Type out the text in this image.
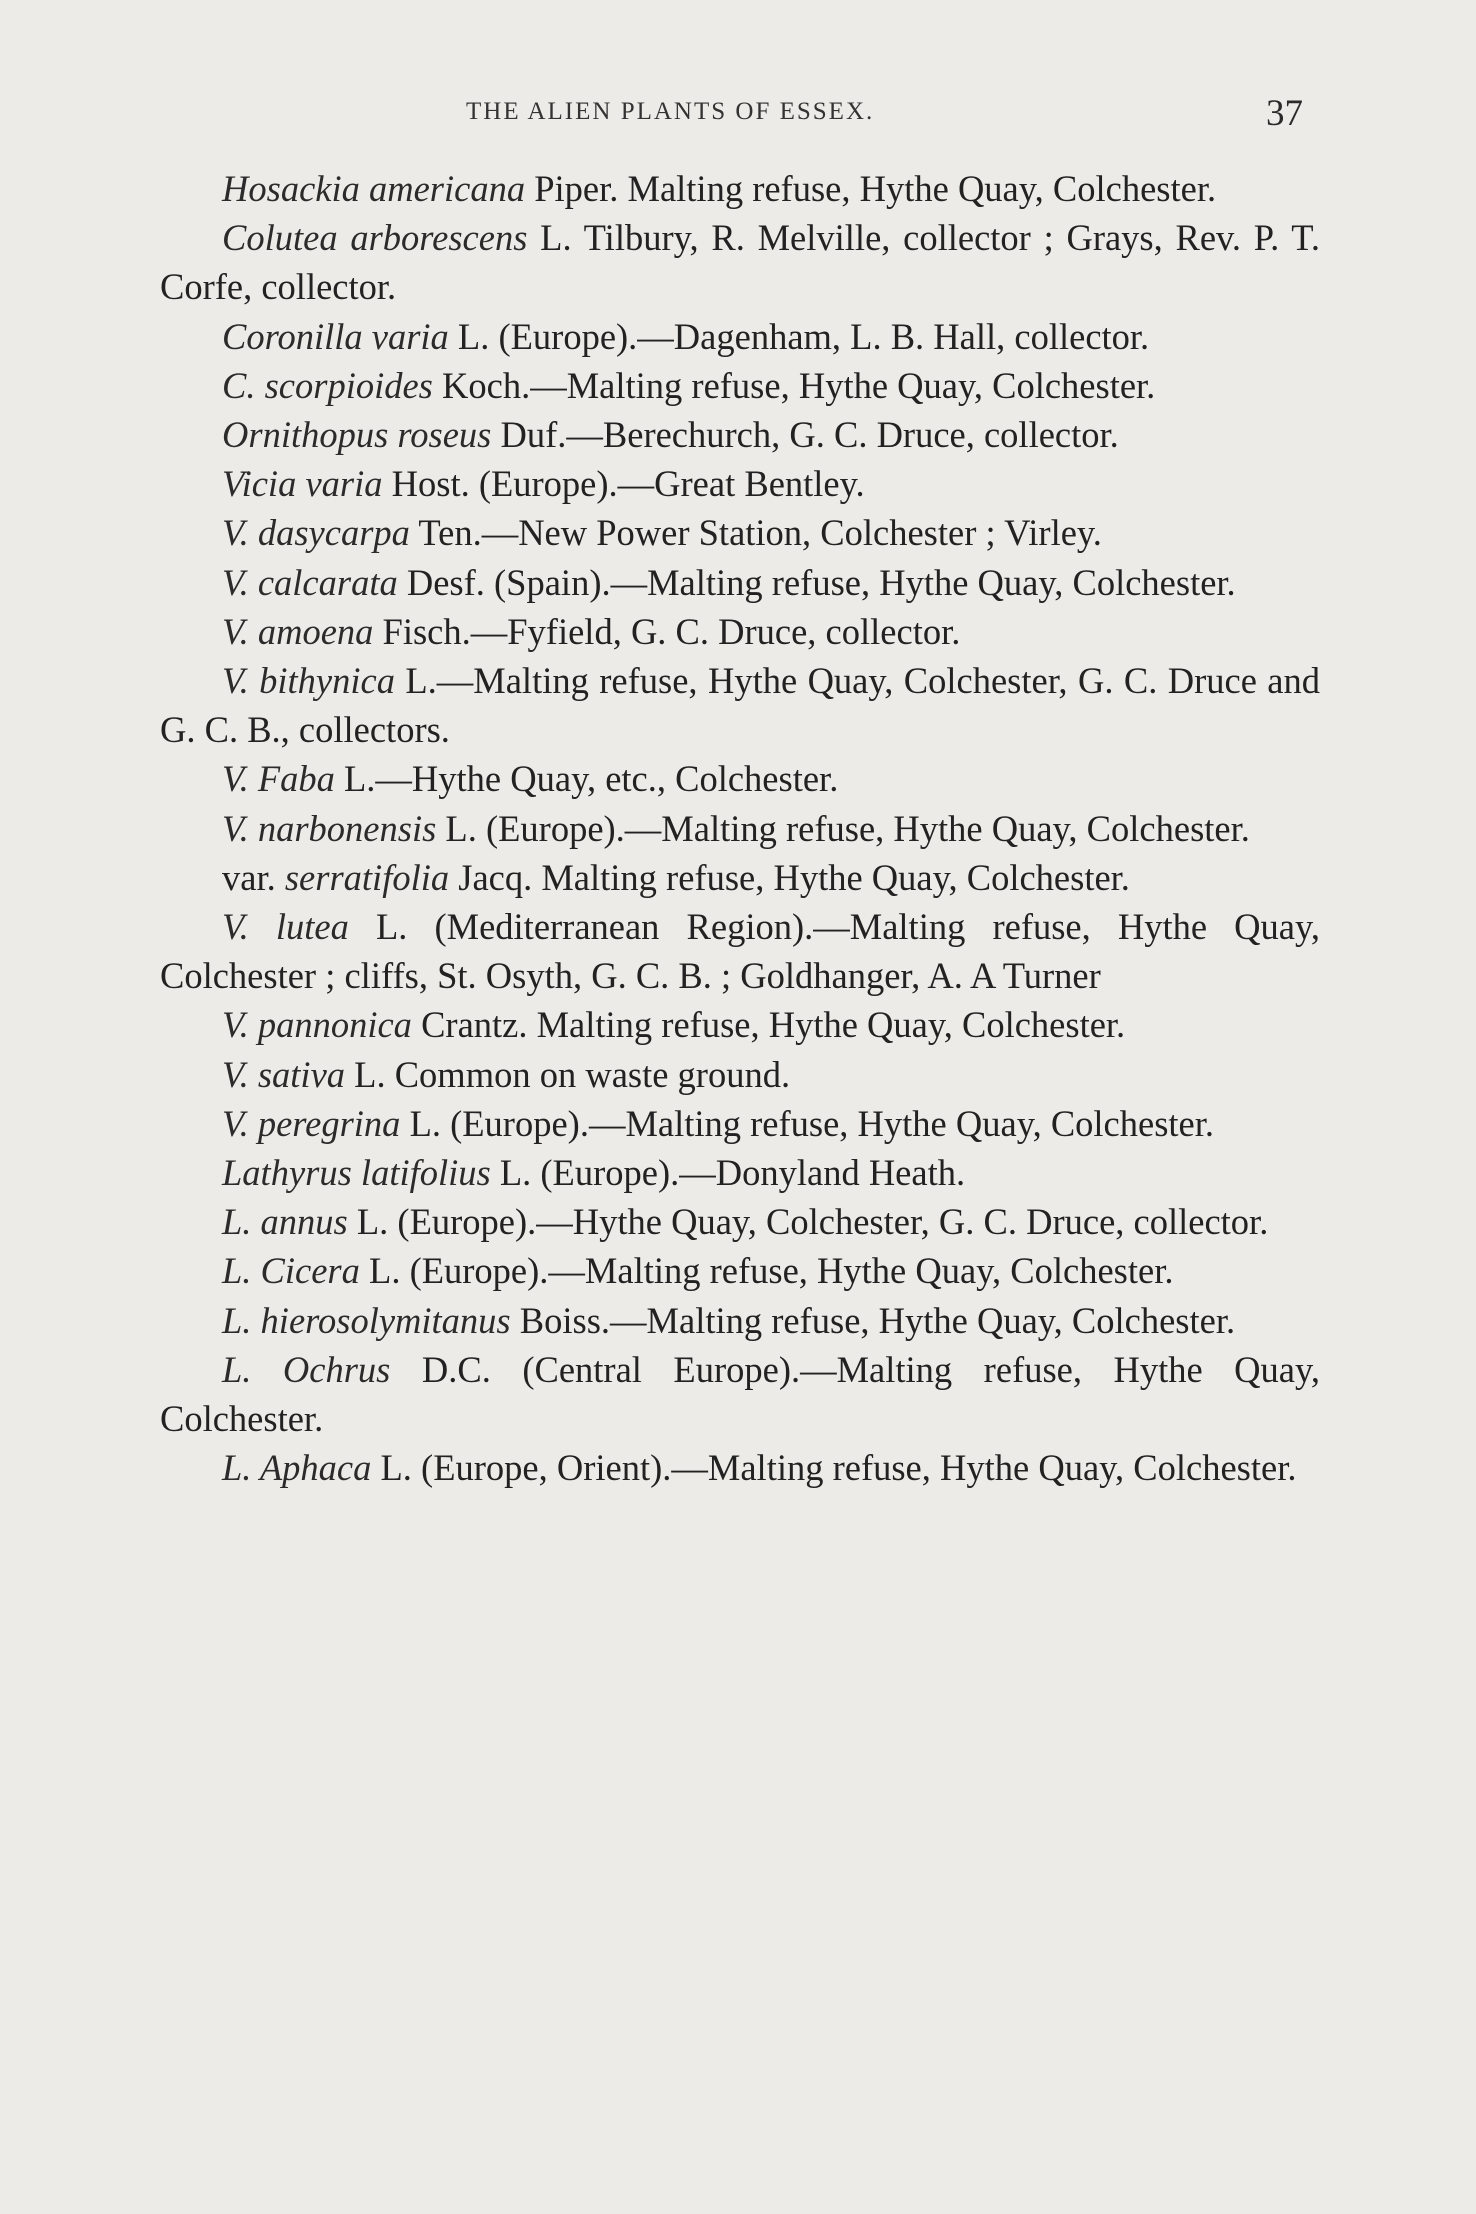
THE ALIEN PLANTS OF ESSEX.	37

Hosackia americana Piper. Malting refuse, Hythe Quay, Colchester.

Colutea arborescens L. Tilbury, R. Melville, collector ; Grays, Rev. P. T. Corfe, collector.

Coronilla varia L. (Europe).—Dagenham, L. B. Hall, collector.

C. scorpioides Koch.—Malting refuse, Hythe Quay, Colchester.

Ornithopus roseus Duf.—Berechurch, G. C. Druce, collector.

Vicia varia Host. (Europe).—Great Bentley.

V. dasycarpa Ten.—New Power Station, Colchester ; Virley.

V. calcarata Desf. (Spain).—Malting refuse, Hythe Quay, Colchester.

V. amoena Fisch.—Fyfield, G. C. Druce, collector.

V. bithynica L.—Malting refuse, Hythe Quay, Colchester, G. C. Druce and G. C. B., collectors.

V. Faba L.—Hythe Quay, etc., Colchester.

V. narbonensis L. (Europe).—Malting refuse, Hythe Quay, Colchester.

var. serratifolia Jacq. Malting refuse, Hythe Quay, Colchester.

V. lutea L. (Mediterranean Region).—Malting refuse, Hythe Quay, Colchester ; cliffs, St. Osyth, G. C. B. ; Goldhanger, A. A Turner

V. pannonica Crantz. Malting refuse, Hythe Quay, Colchester.

V. sativa L. Common on waste ground.

V. peregrina L. (Europe).—Malting refuse, Hythe Quay, Colchester.

Lathyrus latifolius L. (Europe).—Donyland Heath.

L. annus L. (Europe).—Hythe Quay, Colchester, G. C. Druce, collector.

L. Cicera L. (Europe).—Malting refuse, Hythe Quay, Colchester.

L. hierosolymitanus Boiss.—Malting refuse, Hythe Quay, Colchester.

L. Ochrus D.C. (Central Europe).—Malting refuse, Hythe Quay, Colchester.

L. Aphaca L. (Europe, Orient).—Malting refuse, Hythe Quay, Colchester.
